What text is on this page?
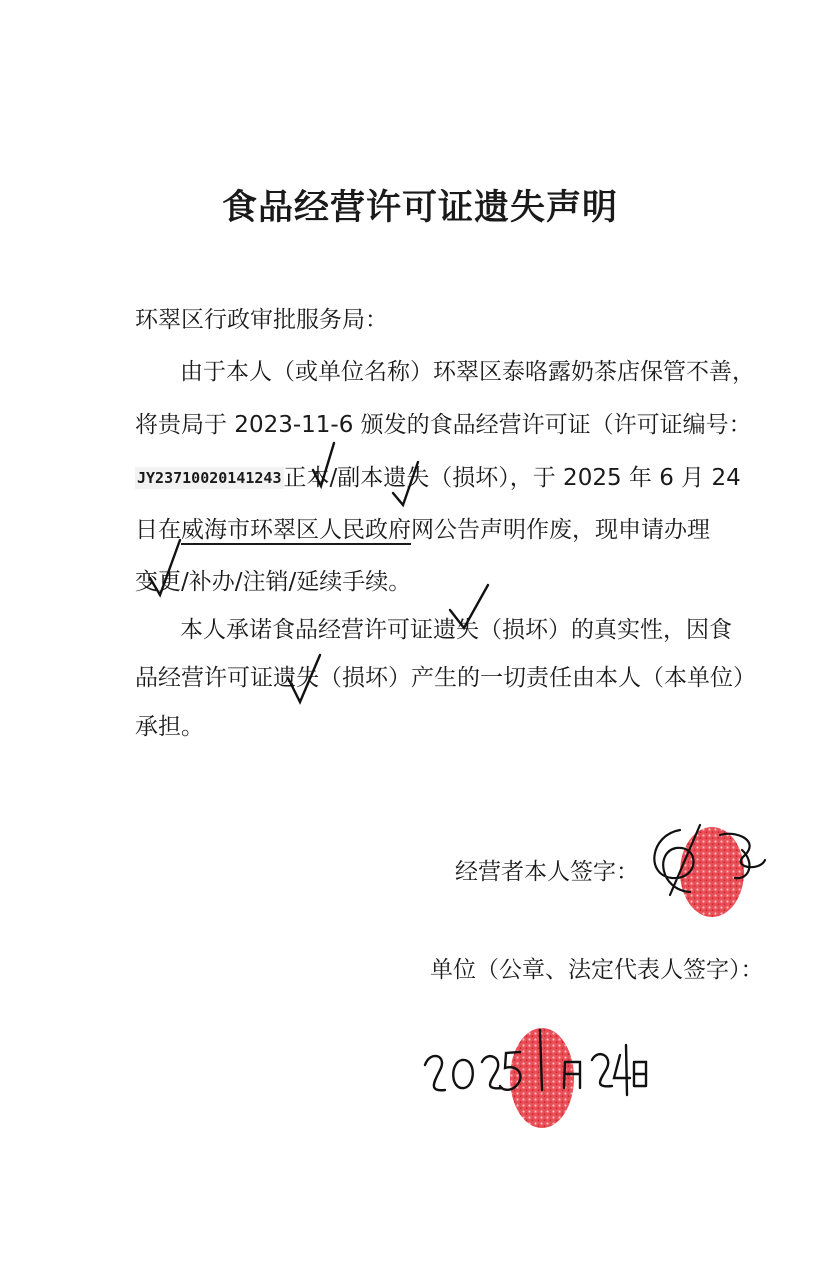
食品经营许可证遗失声明
环翠区行政审批服务局：
由于本人（或单位名称）环翠区泰咯露奶茶店保管不善，
将贵局于 2023-11-6 颁发的食品经营许可证（许可证编号：
JY23710020141243正本/副本遗失（损坏），于 2025 年 6 月 24
日在威海市环翠区人民政府网公告声明作废，现申请办理
变更/补办/注销/延续手续。
本人承诺食品经营许可证遗失（损坏）的真实性，因食
品经营许可证遗失（损坏）产生的一切责任由本人（本单位）
承担。
经营者本人签字：
单位（公章、法定代表人签字）：
